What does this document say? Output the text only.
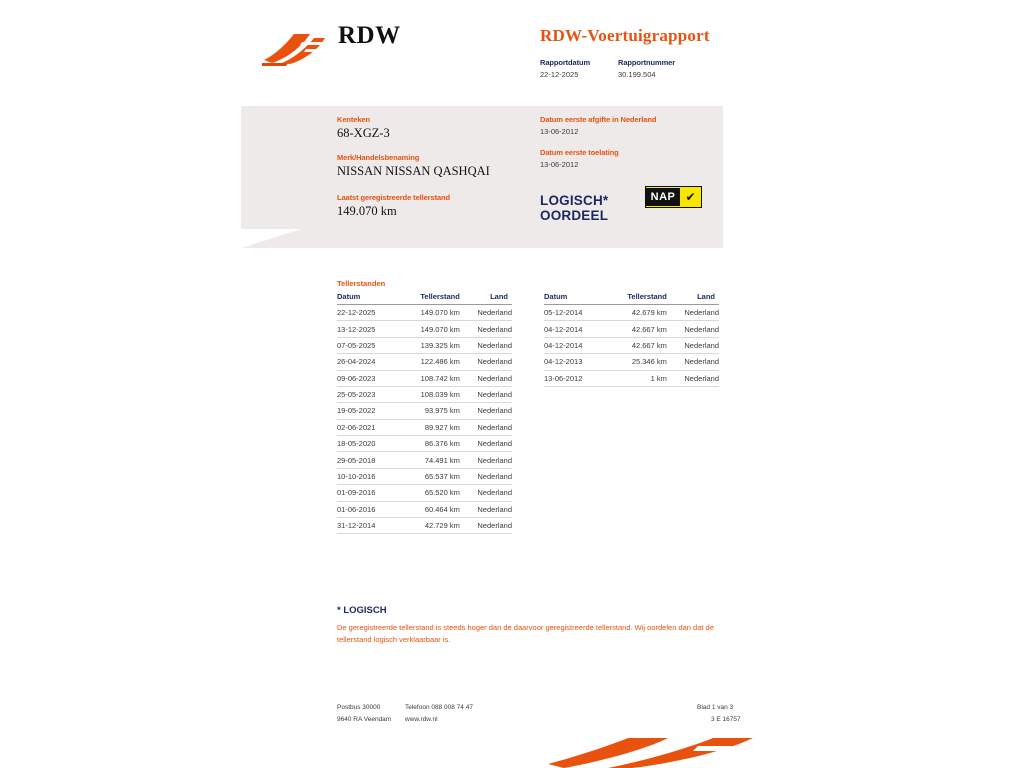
RDW	RDW-Voertuigrapport
Rapportdatum
22-12-2025
Rapportnummer
30.199.504
Kenteken
68-XGZ-3
Merk/Handelsbenaming
NISSAN NISSAN QASHQAI
Laatst geregistreerde tellerstand
149.070 km
Datum eerste afgifte in Nederland
13-06-2012
Datum eerste toelating
13-06-2012
LOGISCH*
OORDEEL
NAP ✔
Tellerstanden
Datum	Tellerstand	Land
22-12-2025	149.070 km	Nederland
13-12-2025	149.070 km	Nederland
07-05-2025	139.325 km	Nederland
26-04-2024	122.486 km	Nederland
09-06-2023	108.742 km	Nederland
25-05-2023	108.039 km	Nederland
19-05-2022	93.975 km	Nederland
02-06-2021	89.927 km	Nederland
18-05-2020	86.376 km	Nederland
29-05-2018	74.491 km	Nederland
10-10-2016	65.537 km	Nederland
01-09-2016	65.520 km	Nederland
01-06-2016	60.464 km	Nederland
31-12-2014	42.729 km	Nederland
Datum	Tellerstand	Land
05-12-2014	42.679 km	Nederland
04-12-2014	42.667 km	Nederland
04-12-2014	42.667 km	Nederland
04-12-2013	25.346 km	Nederland
13-06-2012	1 km	Nederland
* LOGISCH
De geregistreerde tellerstand is steeds hoger dan de daarvoor geregistreerde tellerstand. Wij oordelen dan dat de tellerstand logisch verklaarbaar is.
Postbus 30000	Telefoon 088 008 74 47
9640 RA Veendam	www.rdw.nl
Blad 1 van 3
3 E 16757
